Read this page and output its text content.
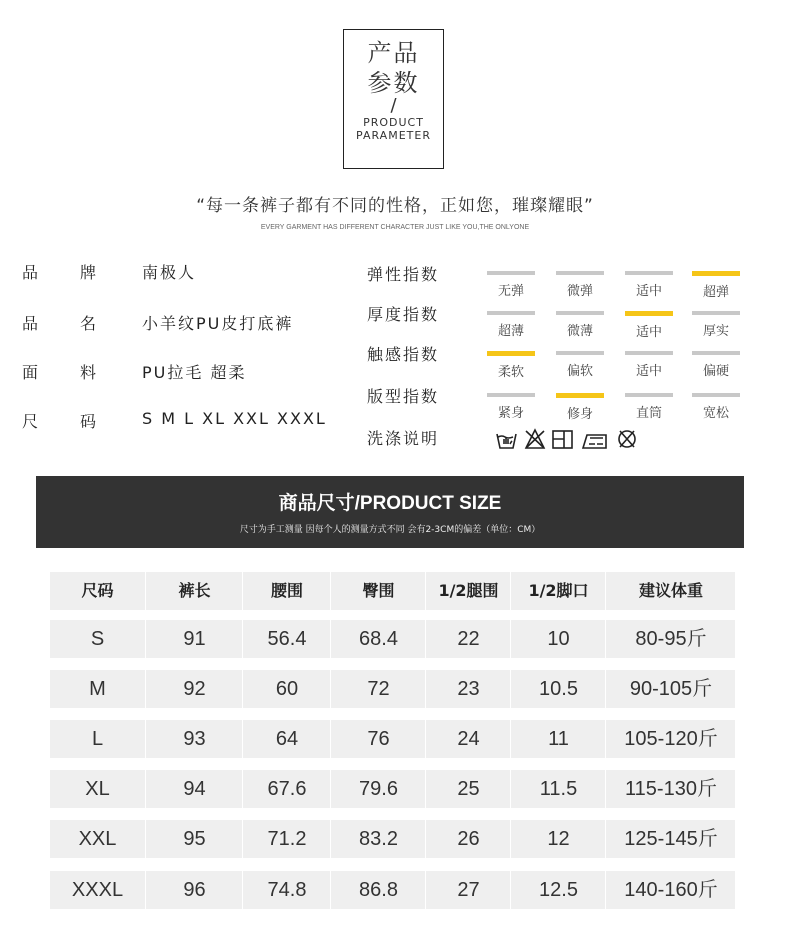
产品
参数
/
PRODUCT
PARAMETER
“每一条裤子都有不同的性格，正如您，璀璨耀眼”
EVERY GARMENT HAS DIFFERENT CHARACTER JUST LIKE YOU,THE ONLYONE
品	牌	南极人
品	名	小羊纹PU皮打底裤
面	料	PU拉毛 超柔
尺	码	S M L XL XXL XXXL
弹性指数
无弹	微弹	适中	超弹
厚度指数
超薄	微薄	适中	厚实
触感指数
柔软	偏软	适中	偏硬
版型指数
紧身	修身	直筒	宽松
洗涤说明
商品尺寸/PRODUCT SIZE
尺寸为手工测量 因每个人的测量方式不同 会有2-3CM的偏差（单位：CM）
尺码	裤长	腰围	臀围	1/2腿围	1/2脚口	建议体重
S	91	56.4	68.4	22	10	80-95斤
M	92	60	72	23	10.5	90-105斤
L	93	64	76	24	11	105-120斤
XL	94	67.6	79.6	25	11.5	115-130斤
XXL	95	71.2	83.2	26	12	125-145斤
XXXL	96	74.8	86.8	27	12.5	140-160斤
